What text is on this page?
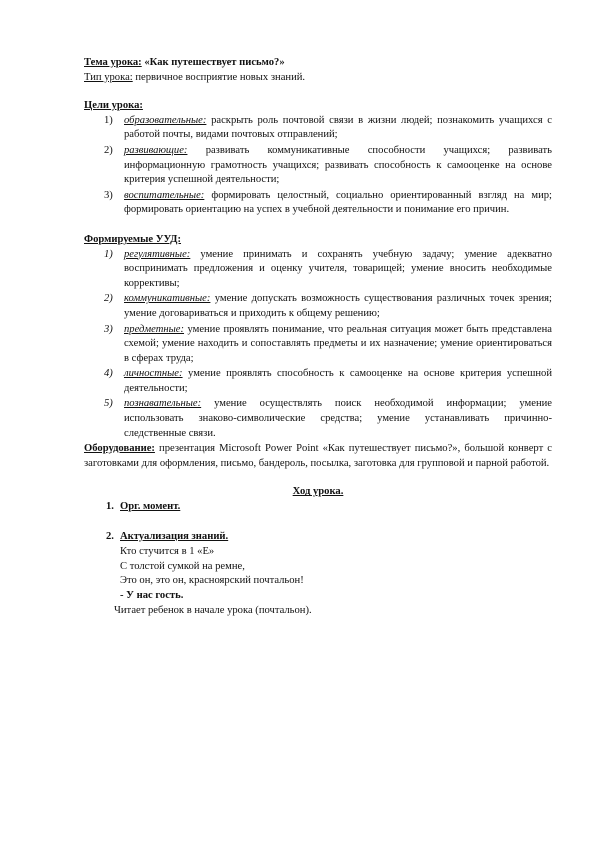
Тема урока: «Как путешествует письмо?»

Тип урока: первичное восприятие новых знаний.

Цели урока:

1) образовательные: раскрыть роль почтовой связи в жизни людей; познакомить учащихся с работой почты, видами почтовых отправлений;
2) развивающие: развивать коммуникативные способности учащихся; развивать информационную грамотность учащихся; развивать способность к самооценке на основе критерия успешной деятельности;
3) воспитательные: формировать целостный, социально ориентированный взгляд на мир; формировать ориентацию на успех в учебной деятельности и понимание его причин.

Формируемые УУД:

1) регулятивные: умение принимать и сохранять учебную задачу; умение адекватно воспринимать предложения и оценку учителя, товарищей; умение вносить необходимые коррективы;
2) коммуникативные: умение допускать возможность существования различных точек зрения; умение договариваться и приходить к общему решению;
3) предметные: умение проявлять понимание, что реальная ситуация может быть представлена схемой; умение находить и сопоставлять предметы и их назначение; умение ориентироваться в сферах труда;
4) личностные: умение проявлять способность к самооценке на основе критерия успешной деятельности;
5) познавательные: умение осуществлять поиск необходимой информации; умение использовать знаково-символические средства; умение устанавливать причинно-следственные связи.

Оборудование: презентация Microsoft Power Point «Как путешествует письмо?», большой конверт с заготовками для оформления, письмо, бандероль, посылка, заготовка для групповой и парной работой.

Ход урока.

1. Орг. момент.
2. Актуализация знаний.

Кто стучится в 1 «Е»

С толстой сумкой на ремне,

Это он, это он, красноярский почтальон!

- У нас гость.

Читает ребенок в начале урока (почтальон).
